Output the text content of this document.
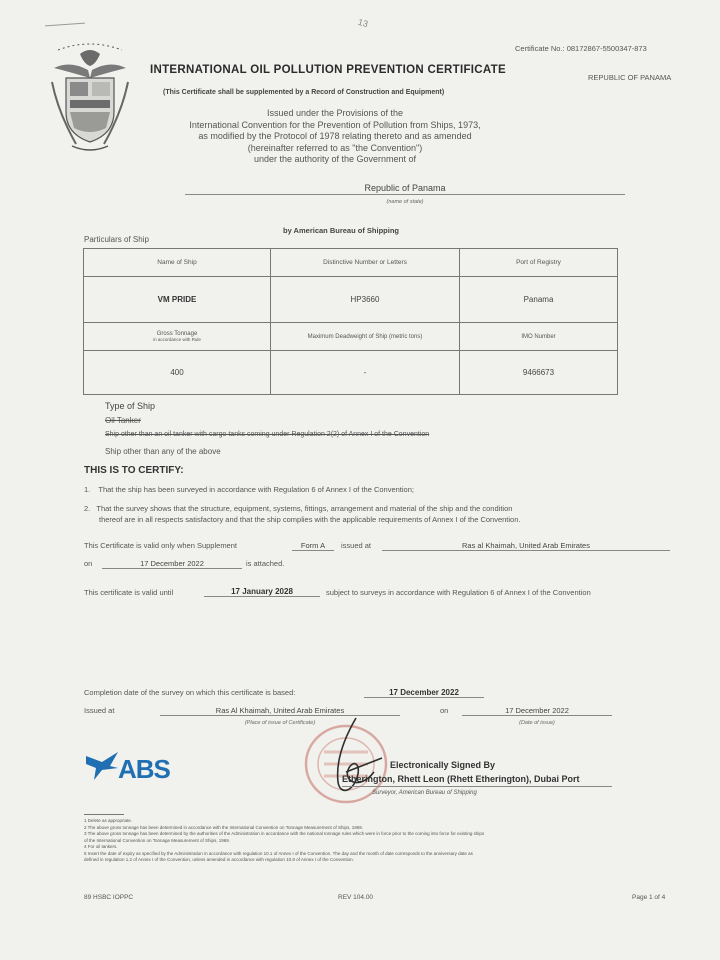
13
Certificate No.: 08172867-5500347-873
INTERNATIONAL OIL POLLUTION PREVENTION CERTIFICATE
REPUBLIC OF PANAMA
(This Certificate shall be supplemented by a Record of Construction and Equipment)
Issued under the Provisions of the
International Convention for the Prevention of Pollution from Ships, 1973,
as modified by the Protocol of 1978 relating thereto and as amended
(hereinafter referred to as "the Convention")
under the authority of the Government of
Republic of Panama
(name of state)
by American Bureau of Shipping
Particulars of Ship
Name of Ship	Distinctive Number or Letters	Port of Registry
VM PRIDE	HP3660	Panama

Gross Tonnage
in accordance with Rule	Maximum Deadweight of Ship (metric tons)	IMO Number
400	-	9466673
Type of Ship
Oil Tanker
Ship other than an oil tanker with cargo tanks coming under Regulation 2(2) of Annex I of the Convention
Ship other than any of the above
THIS IS TO CERTIFY:
1. That the ship has been surveyed in accordance with Regulation 6 of Annex I of the Convention;
2. That the survey shows that the structure, equipment, systems, fittings, arrangement and material of the ship and the condition
thereof are in all respects satisfactory and that the ship complies with the applicable requirements of Annex I of the Convention.
This Certificate is valid only when Supplement	Form A	issued at	Ras al Khaimah, United Arab Emirates
on	17 December 2022	is attached.
This certificate is valid until	17 January 2028	subject to surveys in accordance with Regulation 6 of Annex I of the Convention
Completion date of the survey on which this certificate is based:	17 December 2022
Issued at	Ras Al Khaimah, United Arab Emirates
(Place of issue of Certificate)
on	17 December 2022
(Date of issue)
Electronically Signed By
Etherington, Rhett Leon (Rhett Etherington), Dubai Port
Surveyor, American Bureau of Shipping
ABS
1 Delete as appropriate.
2 The above gross tonnage has been determined in accordance with the International Convention on Tonnage Measurement of Ships, 1969.
3 The above gross tonnage has been determined by the authorities of the Administration in accordance with the national tonnage rules which were in force prior to the coming into force for existing ships
of the International Convention on Tonnage Measurement of Ships, 1969.
4 For oil tankers.
5 Insert the date of expiry as specified by the Administration in accordance with regulation 10.1 of Annex I of the Convention. The day and the month of date corresponds to the anniversary date as
defined in regulation 1.2 of Annex I of the Convention, unless amended in accordance with regulation 10.8 of Annex I of the Convention.
89 HSBC IOPPC	REV 104.00	Page 1 of 4
